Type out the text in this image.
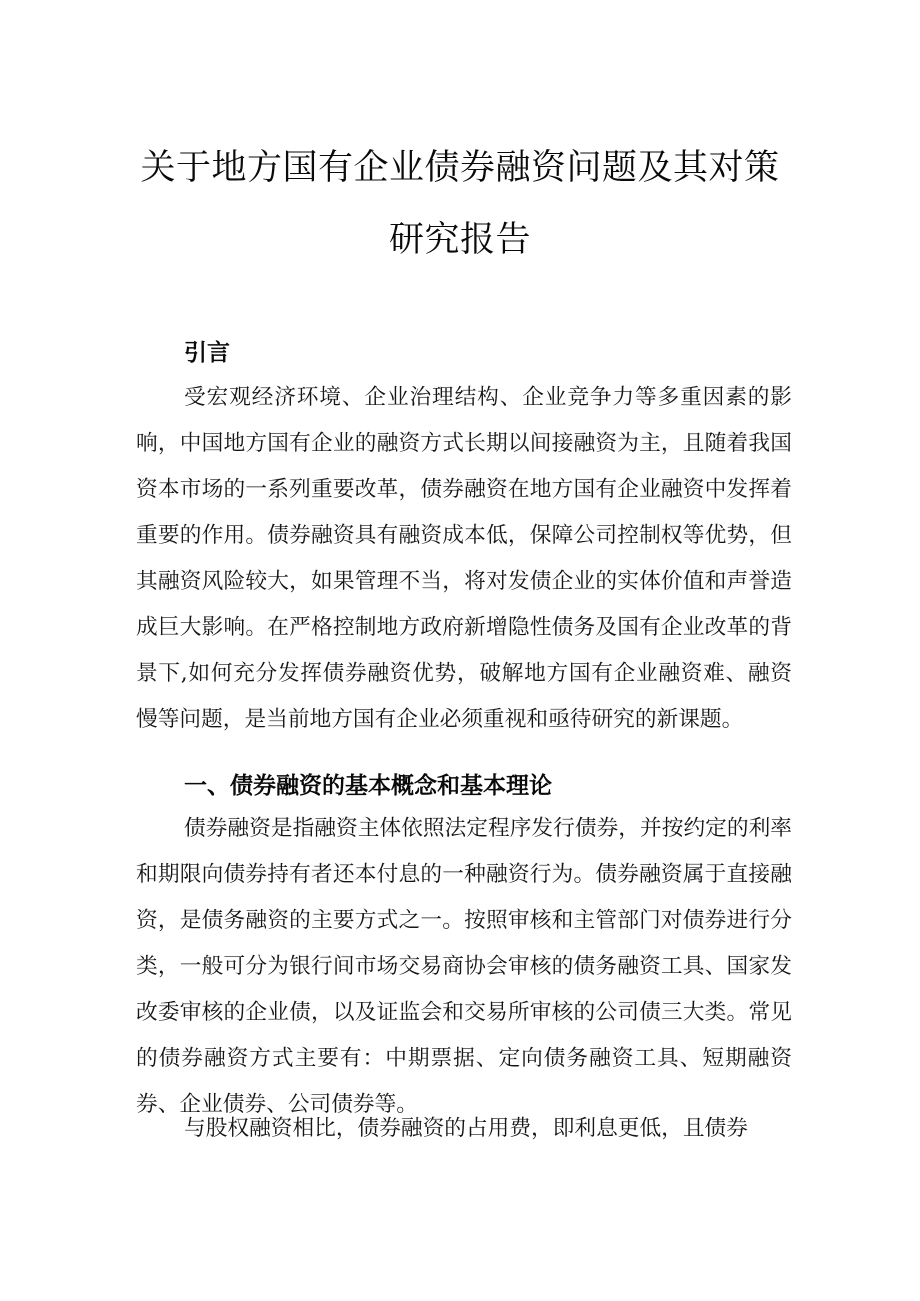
关于地方国有企业债券融资问题及其对策
研究报告
引言

受宏观经济环境、企业治理结构、企业竞争力等多重因素的影响，中国地方国有企业的融资方式长期以间接融资为主，且随着我国资本市场的一系列重要改革，债券融资在地方国有企业融资中发挥着重要的作用。债券融资具有融资成本低，保障公司控制权等优势，但其融资风险较大，如果管理不当，将对发债企业的实体价值和声誉造成巨大影响。在严格控制地方政府新增隐性债务及国有企业改革的背景下,如何充分发挥债券融资优势，破解地方国有企业融资难、融资慢等问题，是当前地方国有企业必须重视和亟待研究的新课题。

一、债券融资的基本概念和基本理论

债券融资是指融资主体依照法定程序发行债券，并按约定的利率和期限向债券持有者还本付息的一种融资行为。债券融资属于直接融资，是债务融资的主要方式之一。按照审核和主管部门对债券进行分类，一般可分为银行间市场交易商协会审核的债务融资工具、国家发改委审核的企业债，以及证监会和交易所审核的公司债三大类。常见的债券融资方式主要有：中期票据、定向债务融资工具、短期融资券、企业债券、公司债券等。

与股权融资相比，债券融资的占用费，即利息更低，且债券
